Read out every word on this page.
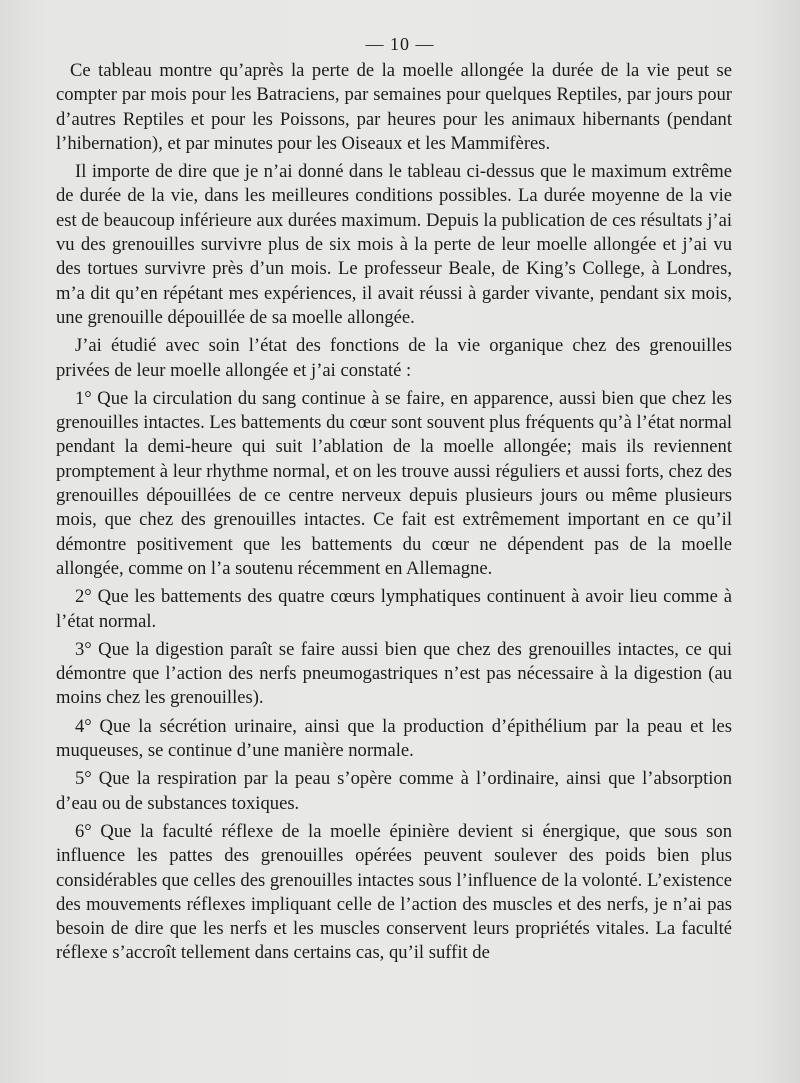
— 10 —

Ce tableau montre qu’après la perte de la moelle allongée la durée de la vie peut se compter par mois pour les Batraciens, par semaines pour quelques Reptiles, par jours pour d’autres Reptiles et pour les Poissons, par heures pour les animaux hibernants (pendant l’hibernation), et par minutes pour les Oiseaux et les Mammifères.

Il importe de dire que je n’ai donné dans le tableau ci-dessus que le maximum extrême de durée de la vie, dans les meilleures conditions possibles. La durée moyenne de la vie est de beaucoup inférieure aux durées maximum. Depuis la publication de ces résultats j’ai vu des grenouilles survivre plus de six mois à la perte de leur moelle allongée et j’ai vu des tortues survivre près d’un mois. Le professeur Beale, de King’s College, à Londres, m’a dit qu’en répétant mes expériences, il avait réussi à garder vivante, pendant six mois, une grenouille dépouillée de sa moelle allongée.

J’ai étudié avec soin l’état des fonctions de la vie organique chez des grenouilles privées de leur moelle allongée et j’ai constaté :

1° Que la circulation du sang continue à se faire, en apparence, aussi bien que chez les grenouilles intactes. Les battements du cœur sont souvent plus fréquents qu’à l’état normal pendant la demi-heure qui suit l’ablation de la moelle allongée; mais ils reviennent promptement à leur rhythme normal, et on les trouve aussi réguliers et aussi forts, chez des grenouilles dépouillées de ce centre nerveux depuis plusieurs jours ou même plusieurs mois, que chez des grenouilles intactes. Ce fait est extrêmement important en ce qu’il démontre positivement que les battements du cœur ne dépendent pas de la moelle allongée, comme on l’a soutenu récemment en Allemagne.

2° Que les battements des quatre cœurs lymphatiques continuent à avoir lieu comme à l’état normal.

3° Que la digestion paraît se faire aussi bien que chez des grenouilles intactes, ce qui démontre que l’action des nerfs pneumogastriques n’est pas nécessaire à la digestion (au moins chez les grenouilles).

4° Que la sécrétion urinaire, ainsi que la production d’épithélium par la peau et les muqueuses, se continue d’une manière normale.

5° Que la respiration par la peau s’opère comme à l’ordinaire, ainsi que l’absorption d’eau ou de substances toxiques.

6° Que la faculté réflexe de la moelle épinière devient si énergique, que sous son influence les pattes des grenouilles opérées peuvent soulever des poids bien plus considérables que celles des grenouilles intactes sous l’influence de la volonté. L’existence des mouvements réflexes impliquant celle de l’action des muscles et des nerfs, je n’ai pas besoin de dire que les nerfs et les muscles conservent leurs propriétés vitales. La faculté réflexe s’accroît tellement dans certains cas, qu’il suffit de
